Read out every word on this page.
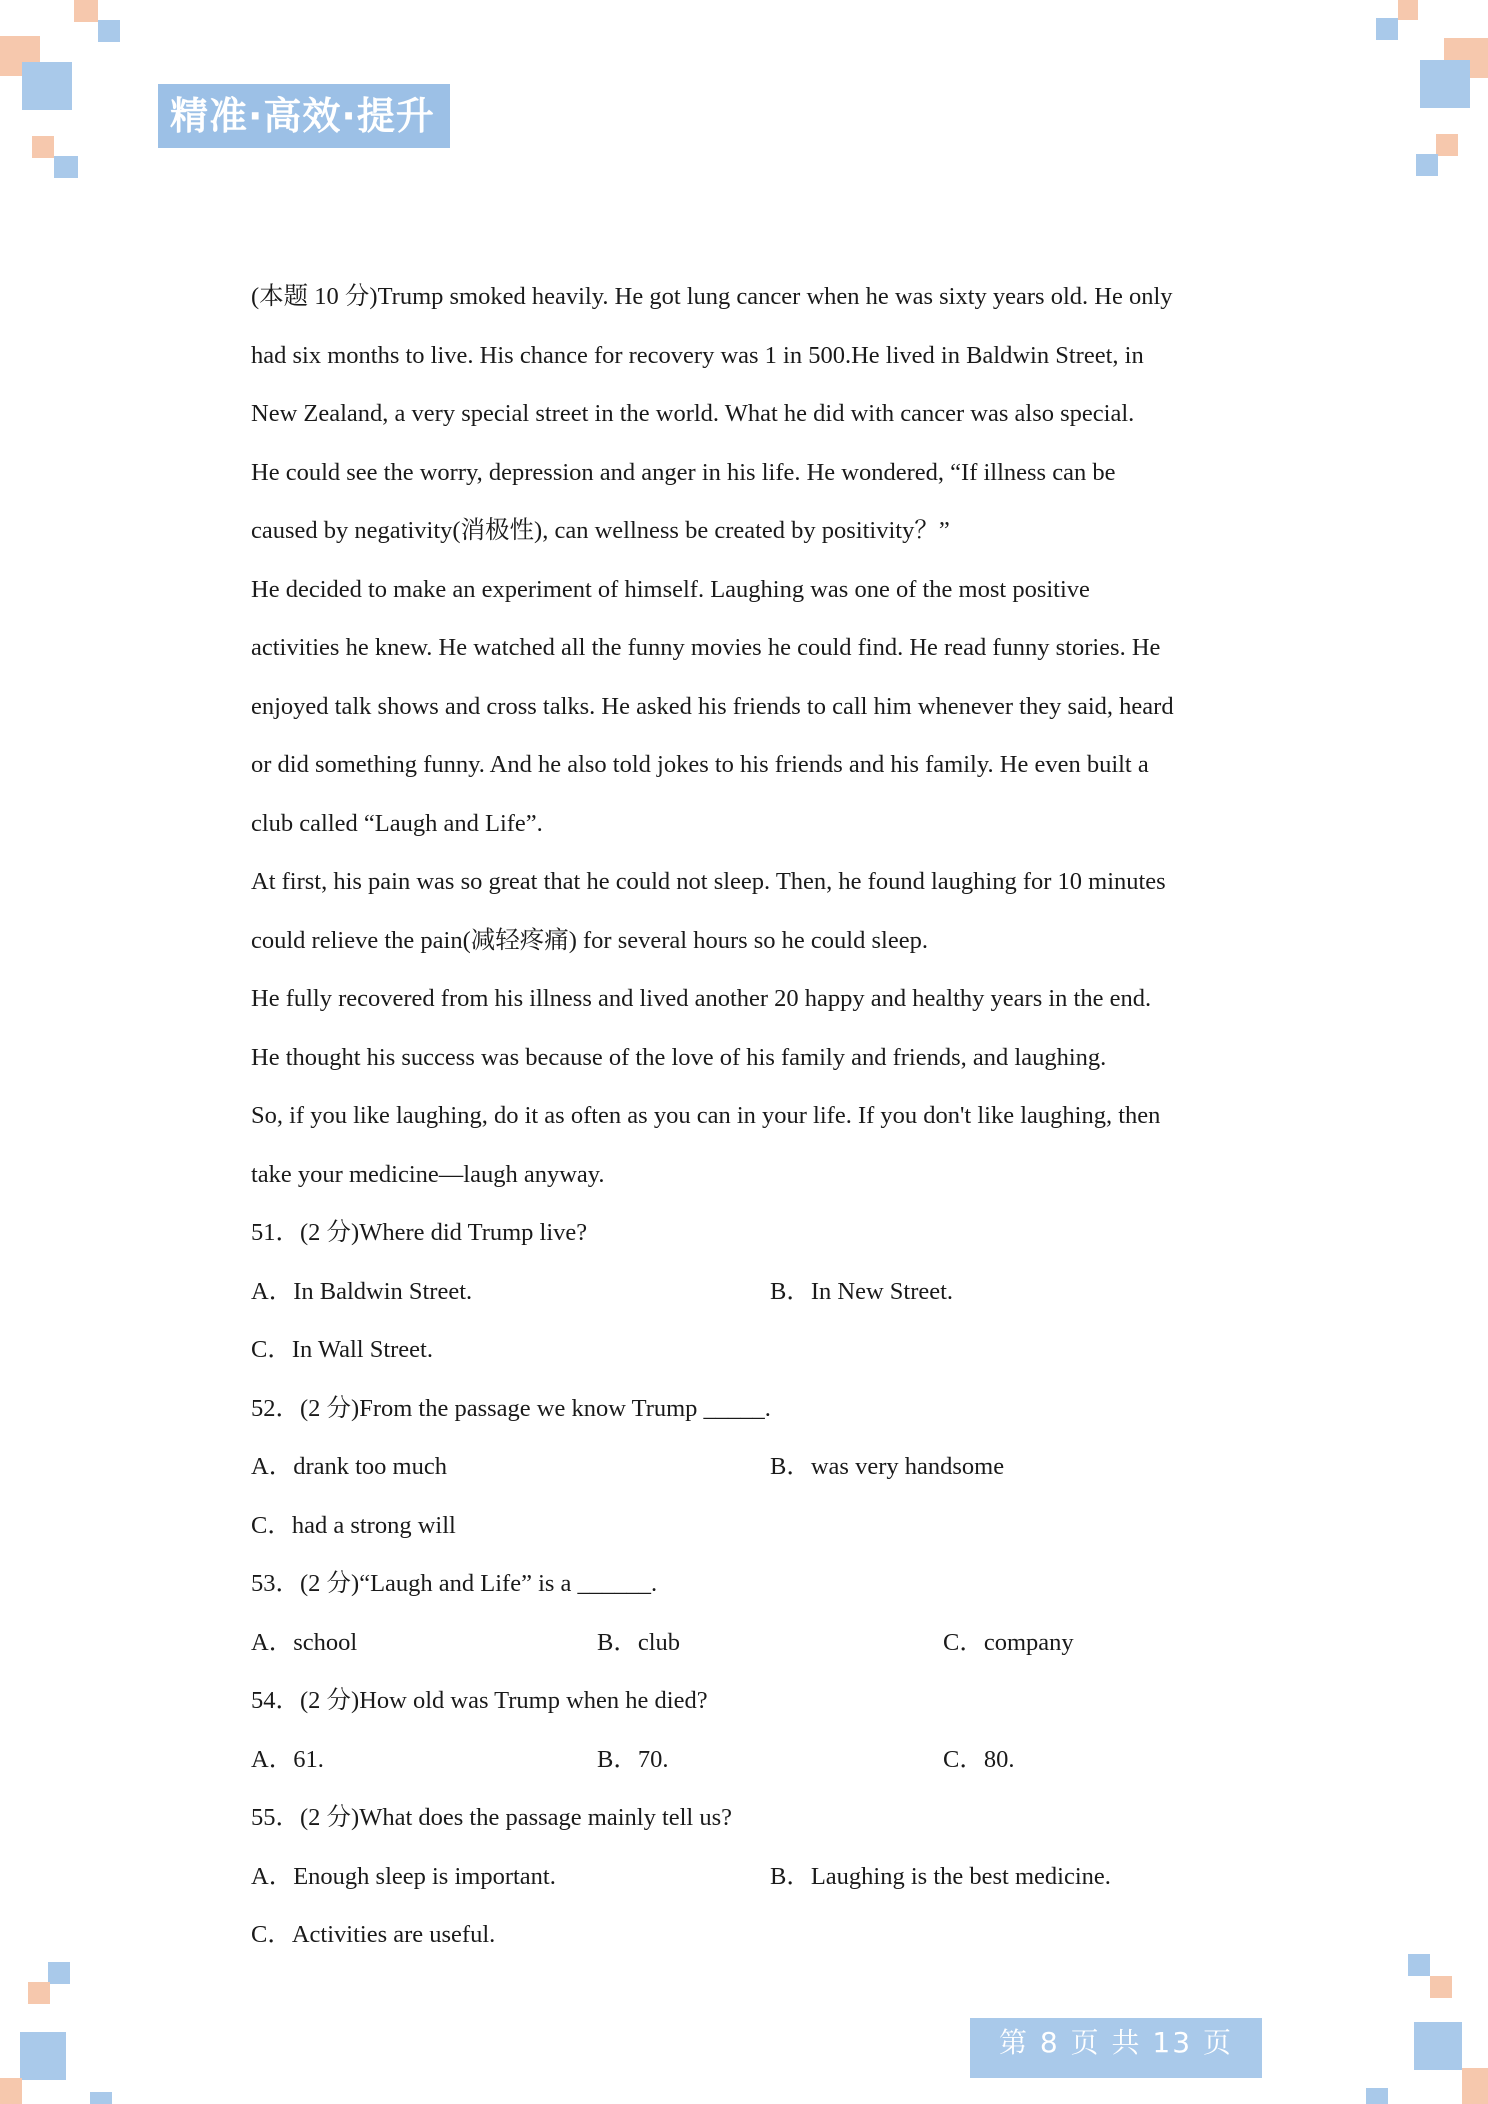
精准·高效·提升
(本题 10 分)Trump smoked heavily. He got lung cancer when he was sixty years old. He only
had six months to live. His chance for recovery was 1 in 500.He lived in Baldwin Street, in
New Zealand, a very special street in the world. What he did with cancer was also special.
He could see the worry, depression and anger in his life. He wondered, “If illness can be
caused by negativity(消极性), can wellness be created by positivity？”
He decided to make an experiment of himself. Laughing was one of the most positive
activities he knew. He watched all the funny movies he could find. He read funny stories. He
enjoyed talk shows and cross talks. He asked his friends to call him whenever they said, heard
or did something funny. And he also told jokes to his friends and his family. He even built a
club called “Laugh and Life”.
At first, his pain was so great that he could not sleep. Then, he found laughing for 10 minutes
could relieve the pain(减轻疼痛) for several hours so he could sleep.
He fully recovered from his illness and lived another 20 happy and healthy years in the end.
He thought his success was because of the love of his family and friends, and laughing.
So, if you like laughing, do it as often as you can in your life. If you don't like laughing, then
take your medicine—laugh anyway.
51．(2 分)Where did Trump live?
A．In Baldwin Street.	B．In New Street.
C．In Wall Street.
52．(2 分)From the passage we know Trump _____.
A．drank too much	B．was very handsome
C．had a strong will
53．(2 分)“Laugh and Life” is a ______.
A．school	B．club	C．company
54．(2 分)How old was Trump when he died?
A．61.	B．70.	C．80.
55．(2 分)What does the passage mainly tell us?
A．Enough sleep is important.	B．Laughing is the best medicine.
C．Activities are useful.
第 8 页 共 13 页
